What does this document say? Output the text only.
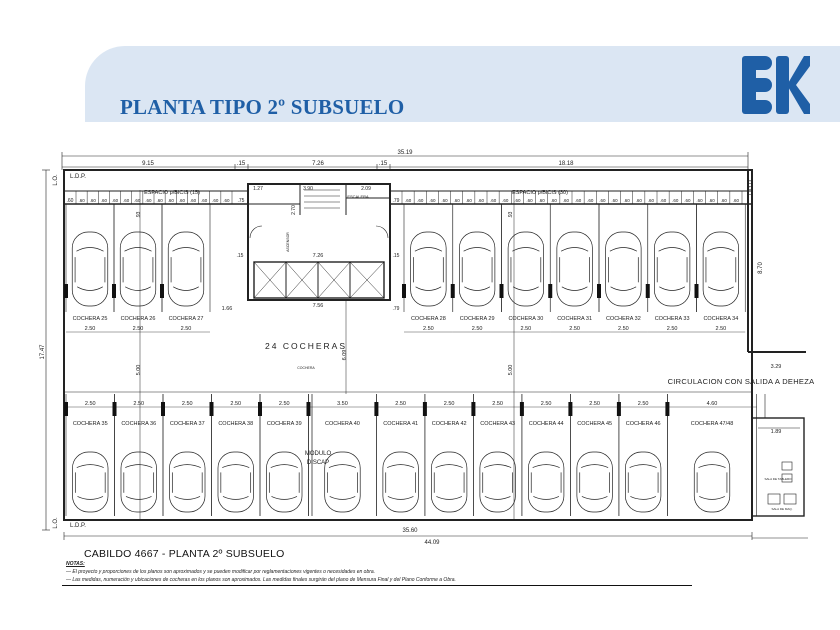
PLANTA TIPO 2º SUBSUELO
.60 .60 .60 .60 .60 .60 .60 .60 .60 .60 .60 .60 .60 .60	.60 .60 .60 .60 .60 .60 .60 .60 .60 .60 .60 .60 .60 .60 .60 .60 .60 .60 .60 .60 .60 .60 .60 .60 .60 .60 .60 .60
COCHERA 25
2.50
COCHERA 26
2.50
COCHERA 27
2.50
COCHERA 28
2.50
COCHERA 29
2.50
COCHERA 30
2.50
COCHERA 31
2.50
COCHERA 32
2.50
COCHERA 33
2.50
COCHERA 34
2.50
COCHERA 35
2.50
COCHERA 36
2.50
COCHERA 37
2.50
COCHERA 38
2.50
COCHERA 39
2.50
COCHERA 40
3.50
COCHERA 41
2.50
COCHERA 42
2.50
COCHERA 43
2.50
COCHERA 44
2.50
COCHERA 45
2.50
COCHERA 46
2.50
COCHERA 47/48
4.60
35.19
9.15	.15	7.26	.15	18.18
L.D.P.
L.D.P.
L.O.
L.O.
L.D.P.
35.60
44.09
17.47
8.70
ESPACIO p/BICIS (15)	ESPACIO p/BICIS (30)
.60	.75	.79
1.27	3.90	2.09
ESCALERA
2.70
7.26
7.56
1.66
.15	.15
.79
.93	.93
ASCENSOR
24 COCHERAS
COCHERA
6.09
5.00	5.00
CIRCULACION CON SALIDA A DEHEZA
3.29
1.89
SALA DE TABLERO
SALA DE MAQ.
MODULO
DISCAP
CABILDO 4667 - PLANTA 2º SUBSUELO
NOTAS:
— El proyecto y proporciones de los planos son aproximados y se pueden modificar por reglamentaciones vigentes o necesidades en obra.
— Las medidas, numeración y ubicaciones de cocheras en los planos son aproximados. Las medidas finales surgirán del plano de Mensura Final y del Plano Conforme a Obra.
